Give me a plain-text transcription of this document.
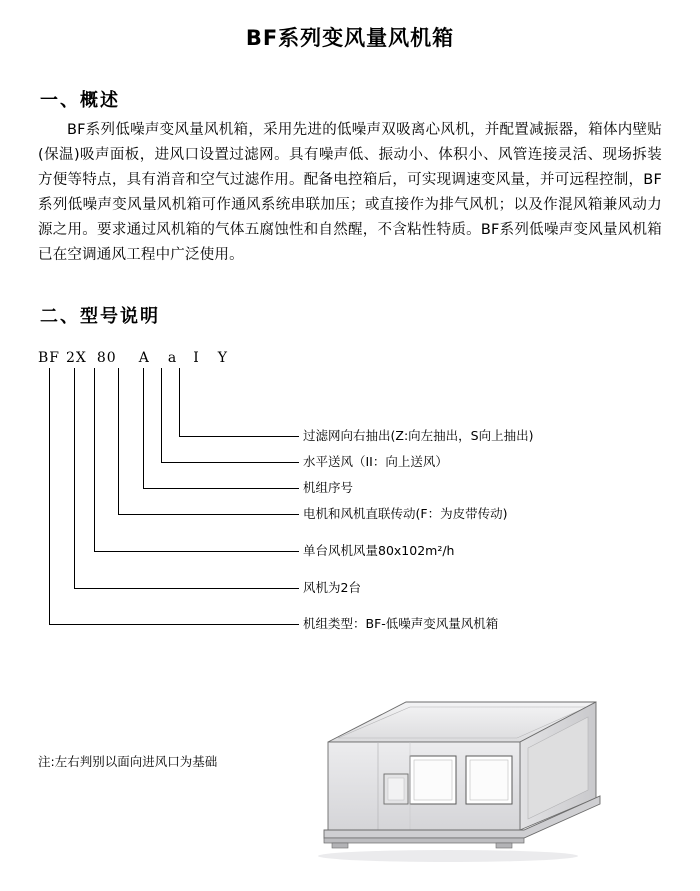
BF系列变风量风机箱
一、概述

BF系列低噪声变风量风机箱，采用先进的低噪声双吸离心风机，并配置减振器，箱体内壁贴(保温)吸声面板，进风口设置过滤网。具有噪声低、振动小、体积小、风管连接灵活、现场拆装方便等特点，具有消音和空气过滤作用。配备电控箱后，可实现调速变风量，并可远程控制，BF系列低噪声变风量风机箱可作通风系统串联加压；或直接作为排气风机；以及作混风箱兼风动力源之用。要求通过风机箱的气体五腐蚀性和自然醒，不含粘性特质。BF系列低噪声变风量风机箱已在空调通风工程中广泛使用。

二、型号说明
BF 2X 80 A a I Y
过滤网向右抽出(Z:向左抽出，S向上抽出)
水平送风（II：向上送风）
机组序号
电机和风机直联传动(F：为皮带传动)
单台风机风量80x102m²/h
风机为2台
机组类型：BF-低噪声变风量风机箱
注:左右判别以面向进风口为基础
